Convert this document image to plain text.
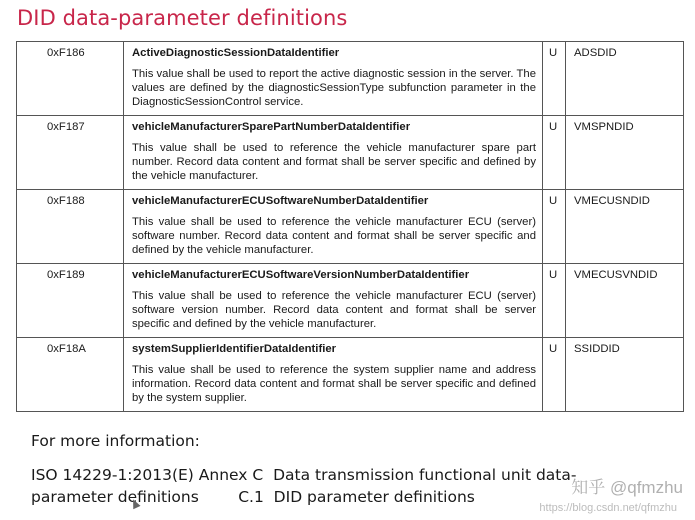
DID data-parameter definitions
0xF186	ActiveDiagnosticSessionDataIdentifier
This value shall be used to report the active diagnostic session in the server. The values are defined by the diagnosticSessionType subfunction parameter in the DiagnosticSessionControl service.	U	ADSDID

0xF187	vehicleManufacturerSparePartNumberDataIdentifier
This value shall be used to reference the vehicle manufacturer spare part number. Record data content and format shall be server specific and defined by the vehicle manufacturer.	U	VMSPNDID

0xF188	vehicleManufacturerECUSoftwareNumberDataIdentifier
This value shall be used to reference the vehicle manufacturer ECU (server) software number. Record data content and format shall be server specific and defined by the vehicle manufacturer.	U	VMECUSNDID

0xF189	vehicleManufacturerECUSoftwareVersionNumberDataIdentifier
This value shall be used to reference the vehicle manufacturer ECU (server) software version number. Record data content and format shall be server specific and defined by the vehicle manufacturer.	U	VMECUSVNDID

0xF18A	systemSupplierIdentifierDataIdentifier
This value shall be used to reference the system supplier name and address information. Record data content and format shall be server specific and defined by the system supplier.	U	SSIDDID
For more information:
ISO 14229-1:2013(E) Annex C  Data transmission functional unit data-
parameter definitions	C.1  DID parameter definitions	知乎 @qfmzhu
https://blog.csdn.net/qfmzhu
